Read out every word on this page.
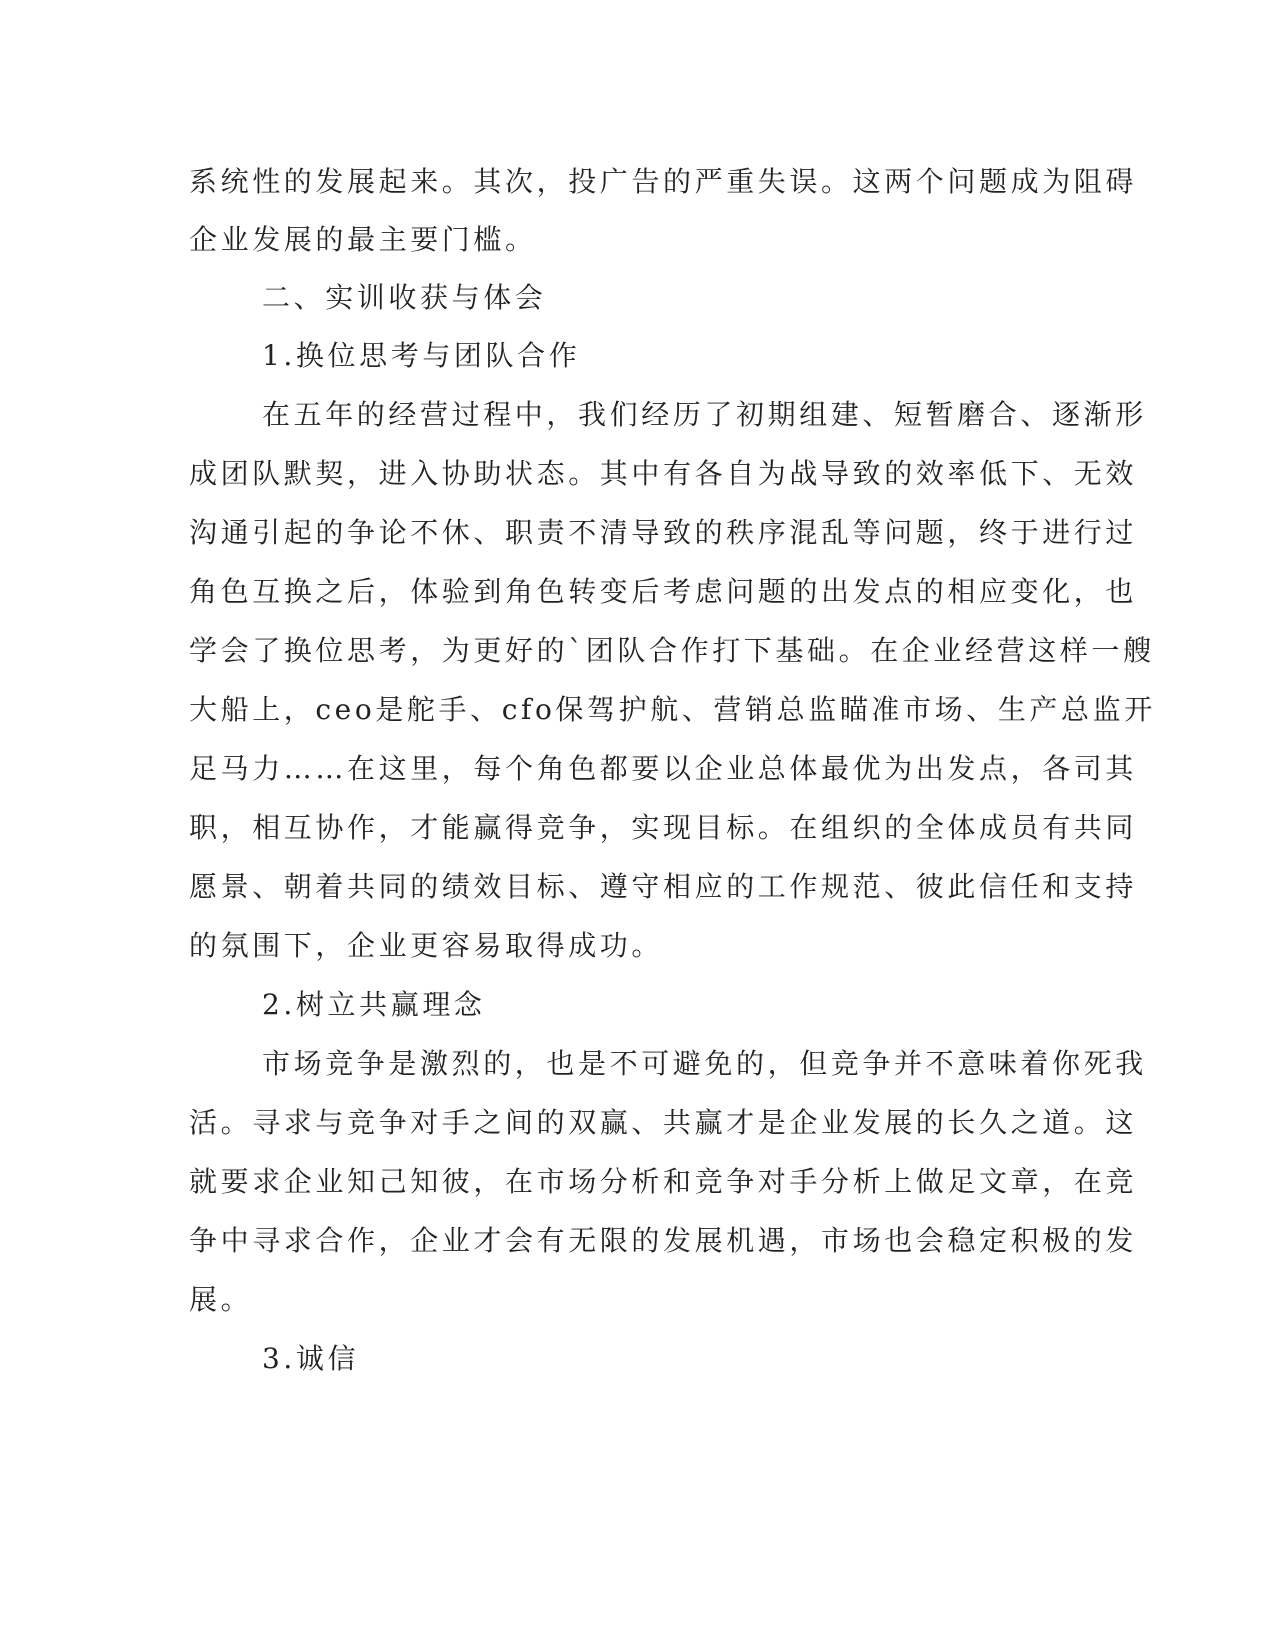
系统性的发展起来。其次，投广告的严重失误。这两个问题成为阻碍

企业发展的最主要门槛。

二、实训收获与体会

1.换位思考与团队合作

在五年的经营过程中，我们经历了初期组建、短暂磨合、逐渐形

成团队默契，进入协助状态。其中有各自为战导致的效率低下、无效

沟通引起的争论不休、职责不清导致的秩序混乱等问题，终于进行过

角色互换之后，体验到角色转变后考虑问题的出发点的相应变化，也

学会了换位思考，为更好的`团队合作打下基础。在企业经营这样一艘

大船上，ceo是舵手、cfo保驾护航、营销总监瞄准市场、生产总监开

足马力……在这里，每个角色都要以企业总体最优为出发点，各司其

职，相互协作，才能赢得竞争，实现目标。在组织的全体成员有共同

愿景、朝着共同的绩效目标、遵守相应的工作规范、彼此信任和支持

的氛围下，企业更容易取得成功。

2.树立共赢理念

市场竞争是激烈的，也是不可避免的，但竞争并不意味着你死我

活。寻求与竞争对手之间的双赢、共赢才是企业发展的长久之道。这

就要求企业知己知彼，在市场分析和竞争对手分析上做足文章，在竞

争中寻求合作，企业才会有无限的发展机遇，市场也会稳定积极的发

展。

3.诚信
